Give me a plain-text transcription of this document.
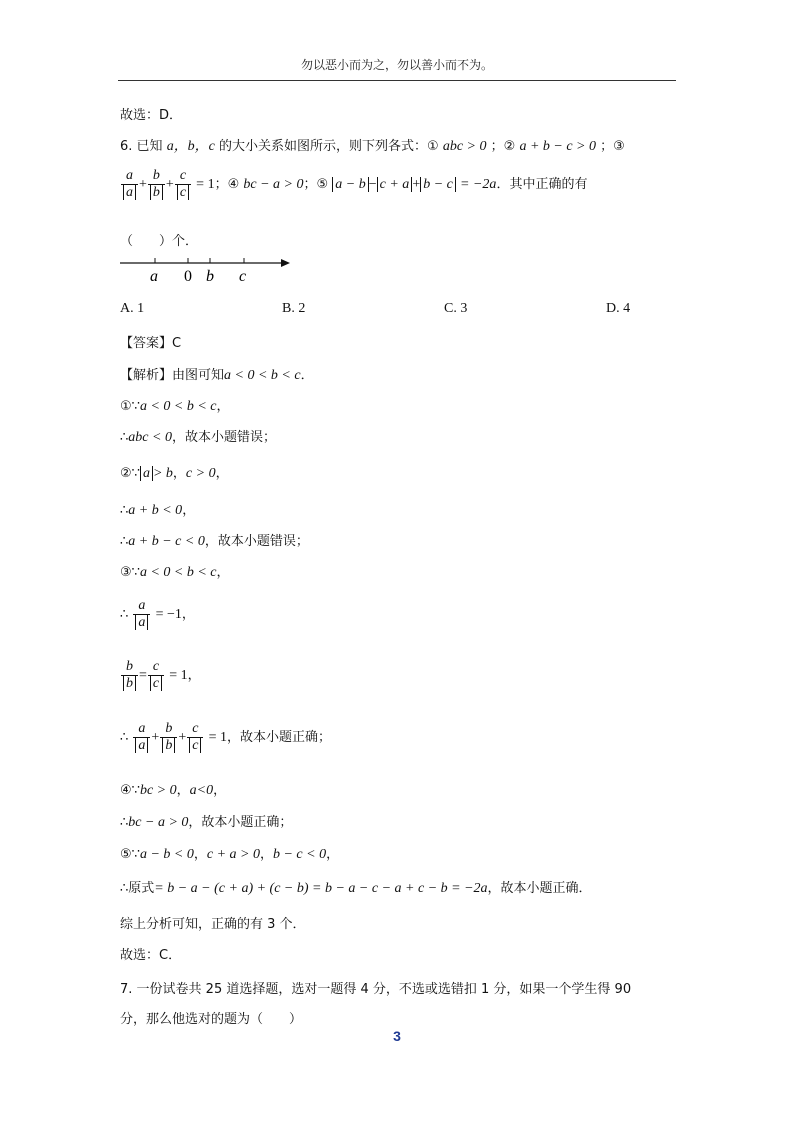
勿以恶小而为之，勿以善小而不为。
故选：D．
6. 已知 a，b，c 的大小关系如图所示，则下列各式：① abc > 0 ；② a + b − c > 0 ；③
$\frac{a}{a} + \frac{b}{b} + \frac{c}{c} = 1$；④ bc − a > 0；⑤ a − b − c + a + b − c = −2a．其中正确的有
（　　）个．
a 0 b c
A. 1	B. 2	C. 3	D. 4
【答案】C
【解析】由图可知a < 0 < b < c．
①∵a < 0 < b < c，
∴abc < 0，故本小题错误；
②∵ a > b，c > 0，
∴a + b < 0，
∴a + b − c < 0，故本小题错误；
③∵a < 0 < b < c，
∴ $\frac{a}{a} = -1$，
$\frac{b}{b} = \frac{c}{c} = 1$，
∴ $\frac{a}{a} + \frac{b}{b} + \frac{c}{c} = 1$，故本小题正确；
④∵bc > 0，a<0，
∴bc − a > 0，故本小题正确；
⑤∵a − b < 0，c + a > 0，b − c < 0，
∴原式= b − a − (c + a) + (c − b) = b − a − c − a + c − b = −2a，故本小题正确．
综上分析可知，正确的有 3 个．
故选：C．
7. 一份试卷共 25 道选择题，选对一题得 4 分，不选或选错扣 1 分，如果一个学生得 90
分，那么他选对的题为（　　）
3
